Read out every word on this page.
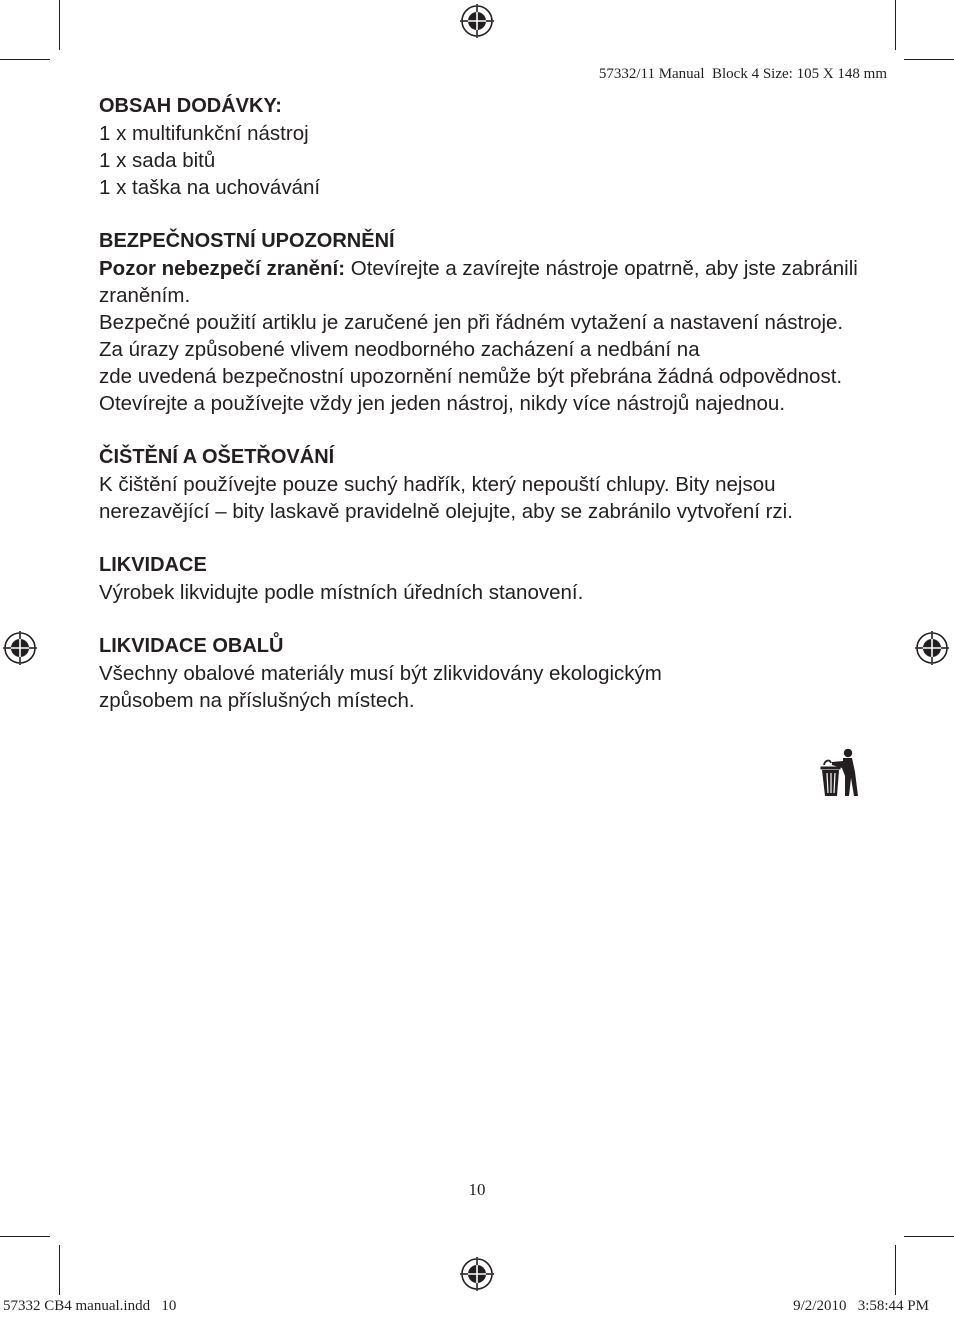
57332/11 Manual  Block 4 Size: 105 X 148 mm
OBSAH DODÁVKY:

1 x multifunkční nástroj

1 x sada bitů

1 x taška na uchovávání

BEZPEČNOSTNÍ UPOZORNĚNÍ

Pozor nebezpečí zranění: Otevírejte a zavírejte nástroje opatrně, aby jste zabránili zraněním.

Bezpečné použití artiklu je zaručené jen při řádném vytažení a nastavení nástroje.

Za úrazy způsobené vlivem neodborného zacházení a nedbání na

zde uvedená bezpečnostní upozornění nemůže být přebrána žádná odpovědnost.

Otevírejte a používejte vždy jen jeden nástroj, nikdy více nástrojů najednou.

ČIŠTĚNÍ A OŠETŘOVÁNÍ

K čištění používejte pouze suchý hadřík, který nepouští chlupy. Bity nejsou nerezavějící – bity laskavě pravidelně olejujte, aby se zabránilo vytvoření rzi.

LIKVIDACE

Výrobek likvidujte podle místních úředních stanovení.

LIKVIDACE OBALŮ

Všechny obalové materiály musí být zlikvidovány ekologickým

způsobem na příslušných místech.

10
57332 CB4 manual.indd   10	9/2/2010   3:58:44 PM
